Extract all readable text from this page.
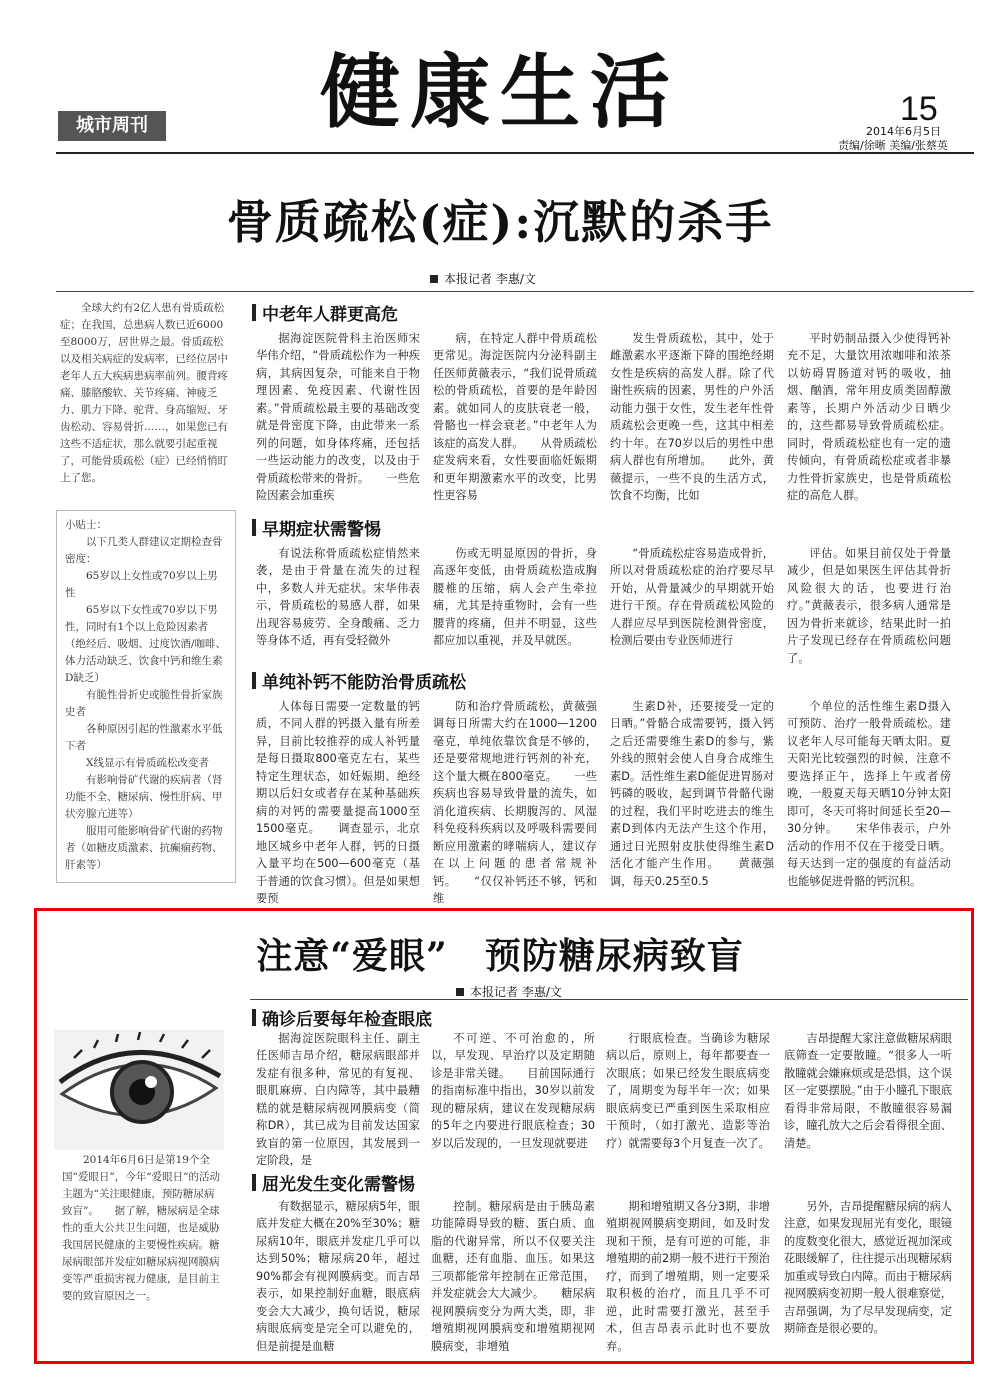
城市周刊 健康生活	15
2014年6月5日
责编/徐晰 美编/张蔡英
骨质疏松(症):沉默的杀手
本报记者 李惠/文

全球大约有2亿人患有骨质疏松症；在我国，总患病人数已近6000至8000万，居世界之最。骨质疏松以及相关病症的发病率，已经位居中老年人五大疾病患病率前列。腰背疼痛、膝胳酸软、关节疼痛、神疲乏力、肌力下降、驼背、身高缩短、牙齿松动、容易骨折……，如果您已有这些不适症状，那么就要引起重视了，可能骨质疏松（症）已经悄悄盯上了您。

小贴士：

以下几类人群建议定期检查骨密度：

65岁以上女性或70岁以上男性

65岁以下女性或70岁以下男性，同时有1个以上危险因素者（绝经后、吸烟、过度饮酒/咖啡、体力活动缺乏、饮食中钙和维生素D缺乏）

有脆性骨折史或脆性骨折家族史者

各种原因引起的性激素水平低下者

X线显示有骨质疏松改变者

有影响骨矿代谢的疾病者（肾功能不全、糖尿病、慢性肝病、甲状旁腺亢进等）

服用可能影响骨矿代谢的药物者（如糖皮质激素、抗癫痫药物、肝素等）

中老年人群更高危

据海淀医院骨科主治医师宋华伟介绍，“骨质疏松作为一种疾病，其病因复杂，可能来自于物理因素、免疫因素、代谢性因素。”骨质疏松最主要的基础改变就是骨密度下降，由此带来一系列的问题，如身体疼痛，还包括一些运动能力的改变，以及由于骨质疏松带来的骨折。　　一些危险因素会加重疾

病，在特定人群中骨质疏松更常见。海淀医院内分泌科副主任医师黄薇表示，“我们说骨质疏松的骨质疏松，首要的是年龄因素。就如同人的皮肤衰老一般，骨骼也一样会衰老。”中老年人为该症的高发人群。　　从骨质疏松症发病来看，女性要面临妊娠期和更年期激素水平的改变，比男性更容易

发生骨质疏松，其中，处于雌激素水平逐渐下降的围绝经期女性是疾病的高发人群。除了代谢性疾病的因素，男性的户外活动能力强于女性，发生老年性骨质疏松会更晚一些，这其中相差约十年。在70岁以后的男性中患病人群也有所增加。　　此外，黄薇提示，一些不良的生活方式，饮食不均衡，比如

平时奶制品摄入少使得钙补充不足，大量饮用浓咖啡和浓茶以妨碍胃肠道对钙的吸收，抽烟、酗酒，常年用皮质类固醇激素等，长期户外活动少日晒少的，这些都易导致骨质疏松症。同时，骨质疏松症也有一定的遗传倾向，有骨质疏松症或者非暴力性骨折家族史，也是骨质疏松症的高危人群。

早期症状需警惕

有说法称骨质疏松症悄然来袭，是由于骨量在流失的过程中，多数人并无症状。宋华伟表示，骨质疏松的易感人群，如果出现容易疲劳、全身酸痛、乏力等身体不适，再有受轻微外

伤或无明显原因的骨折，身高逐年变低，由骨质疏松造成胸腰椎的压缩，病人会产生牵拉痛，尤其是持重物时，会有一些腰背的疼痛，但并不明显，这些都应加以重视，并及早就医。

“骨质疏松症容易造成骨折，所以对骨质疏松症的治疗要尽早开始，从骨量减少的早期就开始进行干预。存在骨质疏松风险的人群应尽早到医院检测骨密度，检测后要由专业医师进行

评估。如果目前仅处于骨量减少，但是如果医生评估其骨折风险很大的话，也要进行治疗。”黄薇表示，很多病人通常是因为骨折来就诊，结果此时一拍片子发现已经存在骨质疏松问题了。

单纯补钙不能防治骨质疏松

人体每日需要一定数量的钙质，不同人群的钙摄入量有所差异，目前比较推荐的成人补钙量是每日摄取800毫克左右，某些特定生理状态，如妊娠期、绝经期以后妇女或者存在某种基础疾病的对钙的需要量提高1000至1500毫克。　　调查显示，北京地区城乡中老年人群，钙的日摄入量平均在500—600毫克（基于普通的饮食习惯）。但是如果想要预

防和治疗骨质疏松，黄薇强调每日所需大约在1000—1200毫克，单纯依靠饮食是不够的，还是要常规地进行钙剂的补充，这个量大概在800毫克。　　一些疾病也容易导致骨量的流失，如消化道疾病、长期腹泻的、风湿科免疫科疾病以及呼吸科需要间断应用激素的哮喘病人，建议存在以上问题的患者常规补钙。　　“仅仅补钙还不够，钙和维

生素D补，还要接受一定的日晒。”骨骼合成需要钙，摄入钙之后还需要维生素D的参与，紫外线的照射会使人自身合成维生素D。活性维生素D能促进胃肠对钙磷的吸收，起到调节骨骼代谢的过程，我们平时吃进去的维生素D到体内无法产生这个作用，通过日光照射皮肤使得维生素D活化才能产生作用。　　黄薇强调，每天0.25至0.5

个单位的活性维生素D摄入可预防、治疗一般骨质疏松。建议老年人尽可能每天晒太阳。夏天阳光比较强烈的时候，注意不要选择正午，选择上午或者傍晚，一般夏天每天晒10分钟太阳即可，冬天可将时间延长至20—30分钟。　　宋华伟表示，户外活动的作用不仅在于接受日晒。每天达到一定的强度的有益活动也能够促进骨骼的钙沉积。

注意“爱眼”　预防糖尿病致盲
本报记者 李惠/文

2014年6月6日是第19个全国“爱眼日”，今年“爱眼日”的活动主题为“关注眼健康，预防糖尿病致盲”。　　据了解，糖尿病是全球性的重大公共卫生问题，也是威胁我国居民健康的主要慢性疾病。糖尿病眼部并发症如糖尿病视网膜病变等严重损害视力健康，是目前主要的致盲原因之一。

确诊后要每年检查眼底

据海淀医院眼科主任、副主任医师吉昂介绍，糖尿病眼部并发症有很多种，常见的有复视、眼肌麻痹、白内障等，其中最糟糕的就是糖尿病视网膜病变（简称DR），其已成为目前发达国家致盲的第一位原因，其发展到一定阶段，是

不可逆、不可治愈的，所以，早发现、早治疗以及定期随诊是非常关键。　　目前国际通行的指南标准中指出，30岁以前发现的糖尿病，建议在发现糖尿病的5年之内要进行眼底检查；30岁以后发现的，一旦发现就要进

行眼底检查。当确诊为糖尿病以后，原则上，每年都要查一次眼底；如果已经发生眼底病变了，周期变为每半年一次；如果眼底病变已严重到医生采取相应干预时，（如打激光、造影等治疗）就需要每3个月复查一次了。

吉昂提醒大家注意做糖尿病眼底筛查一定要散瞳。“很多人一听散瞳就会嫌麻烦或是恐惧，这个误区一定要摆脱。”由于小瞳孔下眼底看得非常局限，不散瞳很容易漏诊，瞳孔放大之后会看得很全面、清楚。

屈光发生变化需警惕

有数据显示，糖尿病5年，眼底并发症大概在20%至30%；糖尿病10年，眼底并发症几乎可以达到50%；糖尿病20年，超过90%都会有视网膜病变。而吉昂表示，如果控制好血糖，眼底病变会大大减少，换句话说，糖尿病眼底病变是完全可以避免的，但是前提是血糖

控制。糖尿病是由于胰岛素功能障碍导致的糖、蛋白质、血脂的代谢异常，所以不仅要关注血糖，还有血脂、血压。如果这三项都能常年控制在正常范围，并发症就会大大减少。　　糖尿病视网膜病变分为两大类，即，非增殖期视网膜病变和增殖期视网膜病变，非增殖

期和增殖期又各分3期，非增殖期视网膜病变期间，如及时发现和干预，是有可逆的可能，非增殖期的前2期一般不进行干预治疗，而到了增殖期，则一定要采取积极的治疗，而且几乎不可逆，此时需要打激光，甚至手术，但吉昂表示此时也不要放弃。

另外，吉昂提醒糖尿病的病人注意，如果发现屈光有变化，眼镜的度数变化很大，感觉近视加深或花眼缓解了，往往提示出现糖尿病加重或导致白内障。而由于糖尿病视网膜病变初期一般人很难察觉，吉昂强调，为了尽早发现病变，定期筛查是很必要的。
